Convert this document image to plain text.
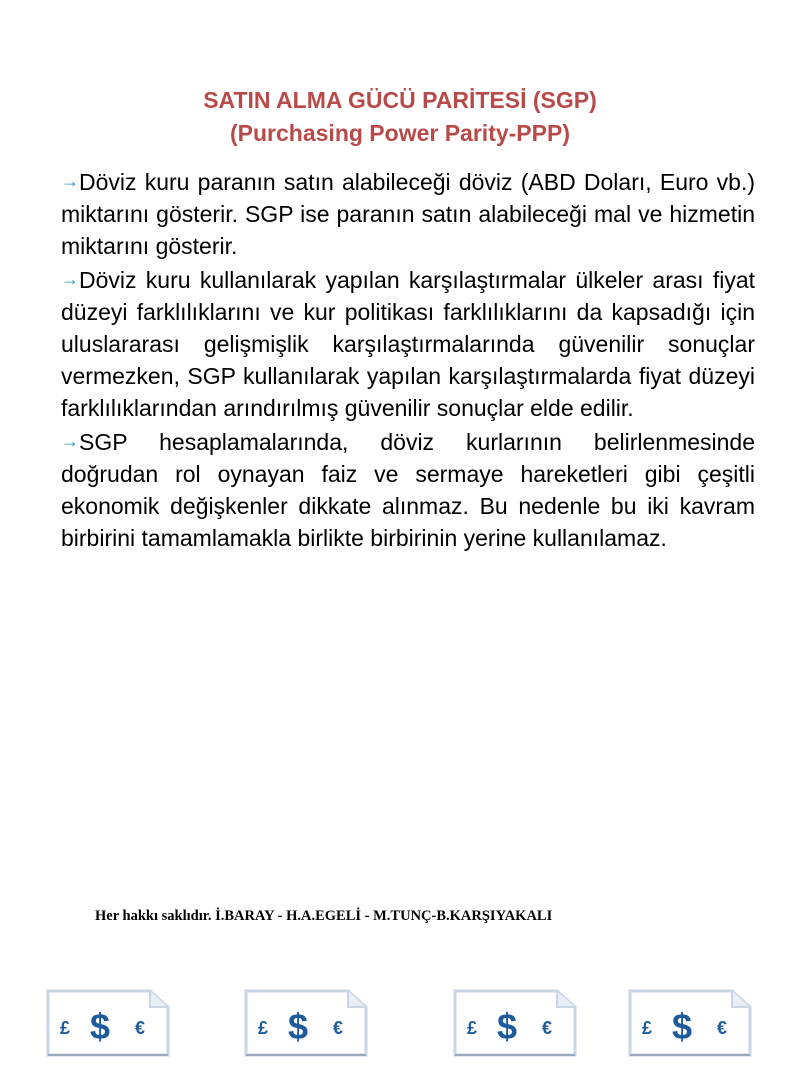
SATIN ALMA GÜCÜ PARİTESİ (SGP)
(Purchasing Power Parity-PPP)

→Döviz kuru paranın satın alabileceği döviz (ABD Doları, Euro vb.) miktarını gösterir. SGP ise paranın satın alabileceği mal ve hizmetin miktarını gösterir.

→Döviz kuru kullanılarak yapılan karşılaştırmalar ülkeler arası fiyat düzeyi farklılıklarını ve kur politikası farklılıklarını da kapsadığı için uluslararası gelişmişlik karşılaştırmalarında güvenilir sonuçlar vermezken, SGP kullanılarak yapılan karşılaştırmalarda fiyat düzeyi farklılıklarından arındırılmış güvenilir sonuçlar elde edilir.

→SGP hesaplamalarında, döviz kurlarının belirlenmesinde doğrudan rol oynayan faiz ve sermaye hareketleri gibi çeşitli ekonomik değişkenler dikkate alınmaz. Bu nedenle bu iki kavram birbirini tamamlamakla birlikte birbirinin yerine kullanılamaz.

Her hakkı saklıdır. İ.BARAY - H.A.EGELİ - M.TUNÇ-B.KARŞIYAKALI
£ $ €	£ $ €	£ $ €	£ $ €
